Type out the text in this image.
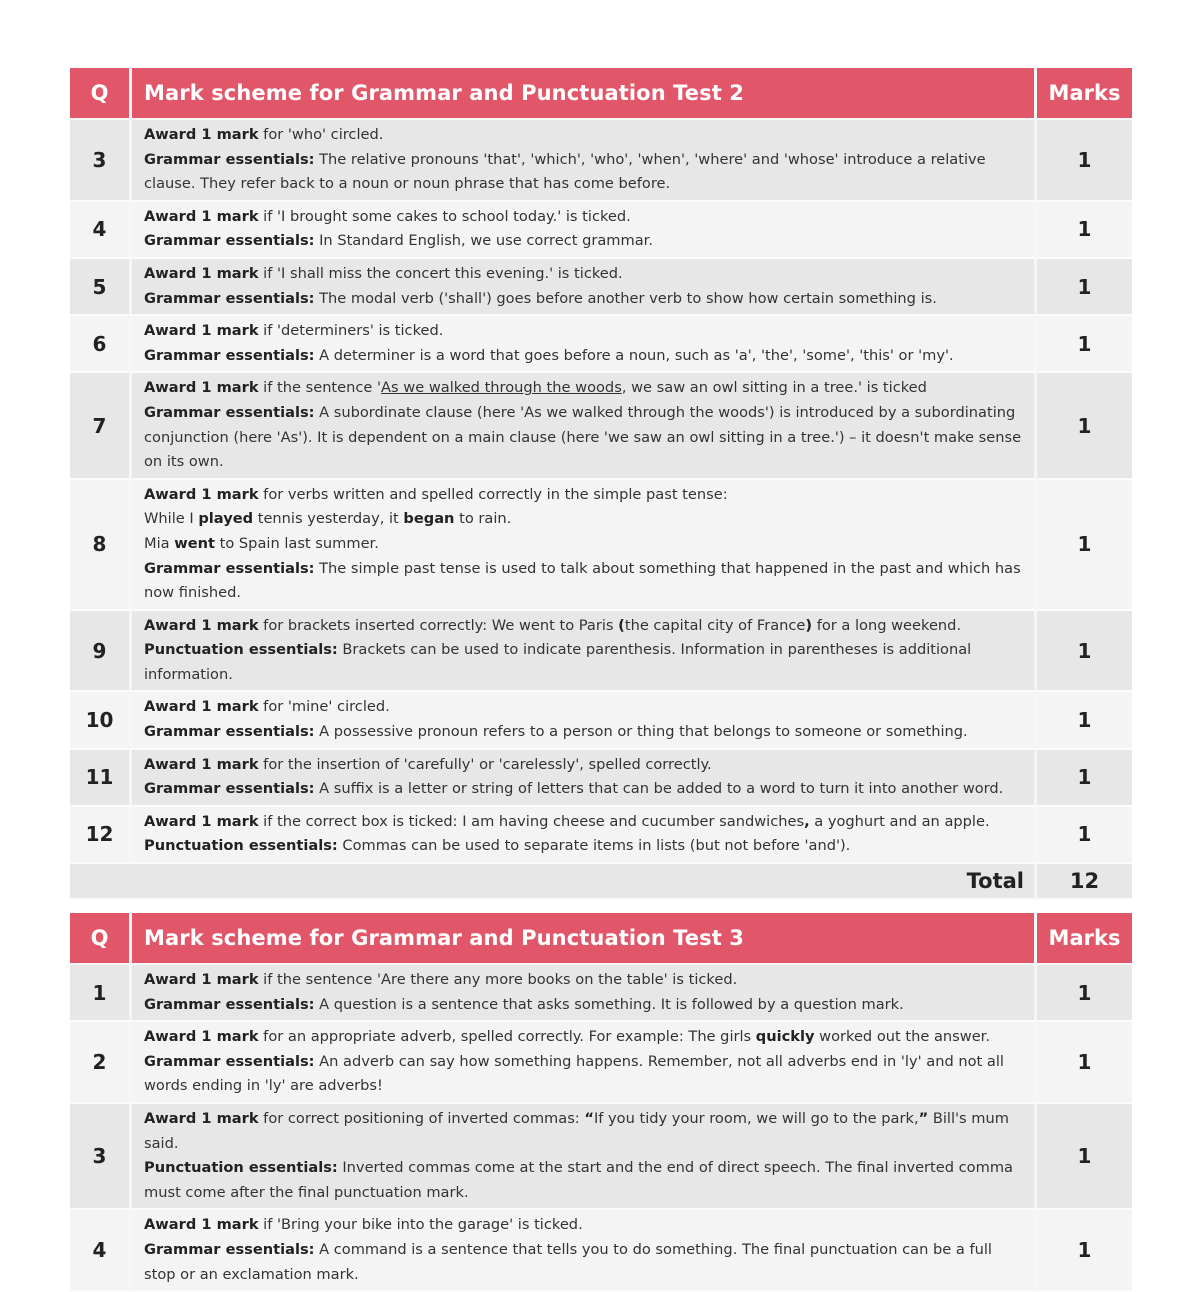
Q	Mark scheme for Grammar and Punctuation Test 2	Marks
3	Award 1 mark for 'who' circled.
Grammar essentials: The relative pronouns 'that', 'which', 'who', 'when', 'where' and 'whose' introduce a relative clause. They refer back to a noun or noun phrase that has come before.	1
4	Award 1 mark if 'I brought some cakes to school today.' is ticked.
Grammar essentials: In Standard English, we use correct grammar.	1
5	Award 1 mark if 'I shall miss the concert this evening.' is ticked.
Grammar essentials: The modal verb ('shall') goes before another verb to show how certain something is.	1
6	Award 1 mark if 'determiners' is ticked.
Grammar essentials: A determiner is a word that goes before a noun, such as 'a', 'the', 'some', 'this' or 'my'.	1
7	Award 1 mark if the sentence 'As we walked through the woods, we saw an owl sitting in a tree.' is ticked
Grammar essentials: A subordinate clause (here 'As we walked through the woods') is introduced by a subordinating conjunction (here 'As'). It is dependent on a main clause (here 'we saw an owl sitting in a tree.') – it doesn't make sense on its own.	1
8	Award 1 mark for verbs written and spelled correctly in the simple past tense:
While I played tennis yesterday, it began to rain.
Mia went to Spain last summer.
Grammar essentials: The simple past tense is used to talk about something that happened in the past and which has now finished.	1
9	Award 1 mark for brackets inserted correctly: We went to Paris (the capital city of France) for a long weekend.
Punctuation essentials: Brackets can be used to indicate parenthesis. Information in parentheses is additional information.	1
10	Award 1 mark for 'mine' circled.
Grammar essentials: A possessive pronoun refers to a person or thing that belongs to someone or something.	1
11	Award 1 mark for the insertion of 'carefully' or 'carelessly', spelled correctly.
Grammar essentials: A suffix is a letter or string of letters that can be added to a word to turn it into another word.	1
12	Award 1 mark if the correct box is ticked: I am having cheese and cucumber sandwiches, a yoghurt and an apple.
Punctuation essentials: Commas can be used to separate items in lists (but not before 'and').	1
Total		12
Q	Mark scheme for Grammar and Punctuation Test 3	Marks
1	Award 1 mark if the sentence 'Are there any more books on the table' is ticked.
Grammar essentials: A question is a sentence that asks something. It is followed by a question mark.	1
2	Award 1 mark for an appropriate adverb, spelled correctly. For example: The girls quickly worked out the answer.
Grammar essentials: An adverb can say how something happens. Remember, not all adverbs end in 'ly' and not all words ending in 'ly' are adverbs!	1
3	Award 1 mark for correct positioning of inverted commas: “If you tidy your room, we will go to the park,” Bill's mum said.
Punctuation essentials: Inverted commas come at the start and the end of direct speech. The final inverted comma must come after the final punctuation mark.	1
4	Award 1 mark if 'Bring your bike into the garage' is ticked.
Grammar essentials: A command is a sentence that tells you to do something. The final punctuation can be a full stop or an exclamation mark.	1
